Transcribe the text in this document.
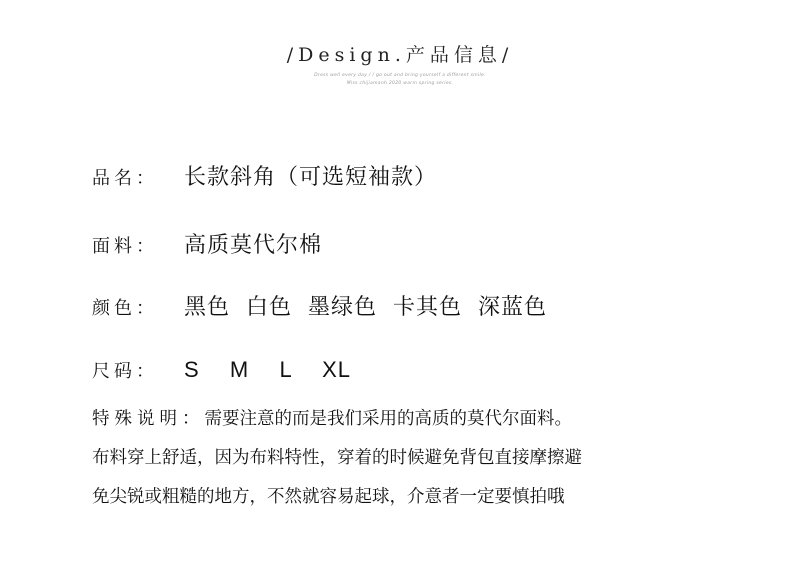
/Design.产品信息/
Dress well every day / / go out and bring yourself a different smile.
Miss chijiamanh 2020 warm spring series.
品名：	长款斜角（可选短袖款）
面料：	高质莫代尔棉
颜色：	黑色  白色  墨绿色  卡其色  深蓝色
尺码：	S  M  L  XL
特殊说明：需要注意的而是我们采用的高质的莫代尔面料。
布料穿上舒适，因为布料特性，穿着的时候避免背包直接摩擦避
免尖锐或粗糙的地方，不然就容易起球，介意者一定要慎拍哦
